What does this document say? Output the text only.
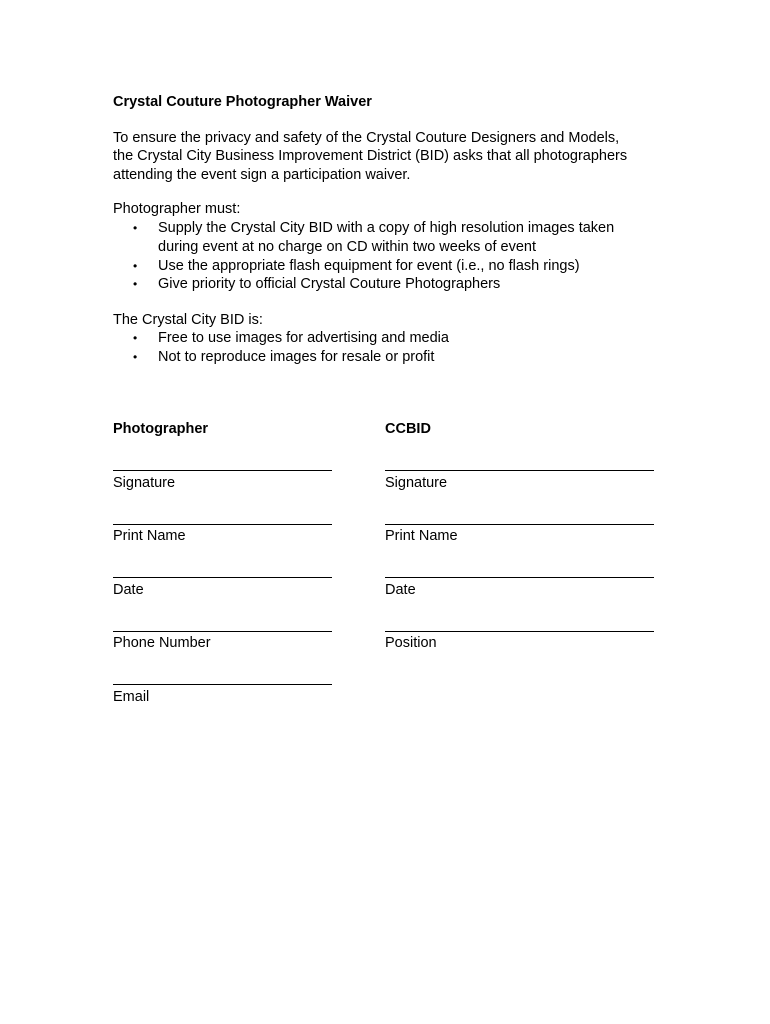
Crystal Couture Photographer Waiver
To ensure the privacy and safety of the Crystal Couture Designers and Models,
the Crystal City Business Improvement District (BID) asks that all photographers
attending the event sign a participation waiver.
Photographer must:
• Supply the Crystal City BID with a copy of high resolution images taken
during event at no charge on CD within two weeks of event
• Use the appropriate flash equipment for event (i.e., no flash rings)
• Give priority to official Crystal Couture Photographers
The Crystal City BID is:
• Free to use images for advertising and media
• Not to reproduce images for resale or profit
Photographer
Signature
Print Name
Date
Phone Number
Email
CCBID
Signature
Print Name
Date
Position
